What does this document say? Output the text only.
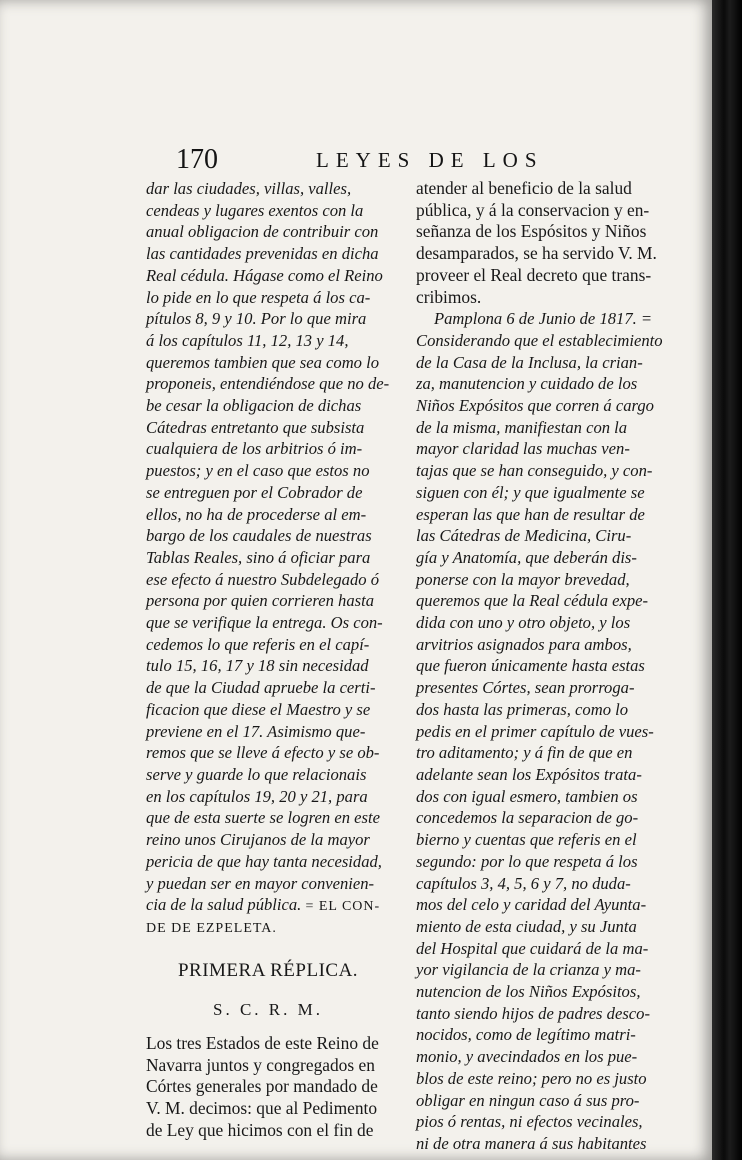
170	LEYES DE LOS
dar las ciudades, villas, valles,
cendeas y lugares exentos con la
anual obligacion de contribuir con
las cantidades prevenidas en dicha
Real cédula. Hágase como el Reino
lo pide en lo que respeta á los ca-
pítulos 8, 9 y 10. Por lo que mira
á los capítulos 11, 12, 13 y 14,
queremos tambien que sea como lo
proponeis, entendiéndose que no de-
be cesar la obligacion de dichas
Cátedras entretanto que subsista
cualquiera de los arbitrios ó im-
puestos; y en el caso que estos no
se entreguen por el Cobrador de
ellos, no ha de procederse al em-
bargo de los caudales de nuestras
Tablas Reales, sino á oficiar para
ese efecto á nuestro Subdelegado ó
persona por quien corrieren hasta
que se verifique la entrega. Os con-
cedemos lo que referis en el capí-
tulo 15, 16, 17 y 18 sin necesidad
de que la Ciudad apruebe la certi-
ficacion que diese el Maestro y se
previene en el 17. Asimismo que-
remos que se lleve á efecto y se ob-
serve y guarde lo que relacionais
en los capítulos 19, 20 y 21, para
que de esta suerte se logren en este
reino unos Cirujanos de la mayor
pericia de que hay tanta necesidad,
y puedan ser en mayor convenien-
cia de la salud pública. = EL CON-
DE DE EZPELETA.
PRIMERA RÉPLICA.
S. C. R. M.
Los tres Estados de este Reino de
Navarra juntos y congregados en
Córtes generales por mandado de
V. M. decimos: que al Pedimento
de Ley que hicimos con el fin de
atender al beneficio de la salud
pública, y á la conservacion y en-
señanza de los Espósitos y Niños
desamparados, se ha servido V. M.
proveer el Real decreto que trans-
cribimos.
Pamplona 6 de Junio de 1817. =
Considerando que el establecimiento
de la Casa de la Inclusa, la crian-
za, manutencion y cuidado de los
Niños Expósitos que corren á cargo
de la misma, manifiestan con la
mayor claridad las muchas ven-
tajas que se han conseguido, y con-
siguen con él; y que igualmente se
esperan las que han de resultar de
las Cátedras de Medicina, Ciru-
gía y Anatomía, que deberán dis-
ponerse con la mayor brevedad,
queremos que la Real cédula expe-
dida con uno y otro objeto, y los
arvitrios asignados para ambos,
que fueron únicamente hasta estas
presentes Córtes, sean prorroga-
dos hasta las primeras, como lo
pedis en el primer capítulo de vues-
tro aditamento; y á fin de que en
adelante sean los Expósitos trata-
dos con igual esmero, tambien os
concedemos la separacion de go-
bierno y cuentas que referis en el
segundo: por lo que respeta á los
capítulos 3, 4, 5, 6 y 7, no duda-
mos del celo y caridad del Ayunta-
miento de esta ciudad, y su Junta
del Hospital que cuidará de la ma-
yor vigilancia de la crianza y ma-
nutencion de los Niños Expósitos,
tanto siendo hijos de padres desco-
nocidos, como de legítimo matri-
monio, y avecindados en los pue-
blos de este reino; pero no es justo
obligar en ningun caso á sus pro-
pios ó rentas, ni efectos vecinales,
ni de otra manera á sus habitantes
